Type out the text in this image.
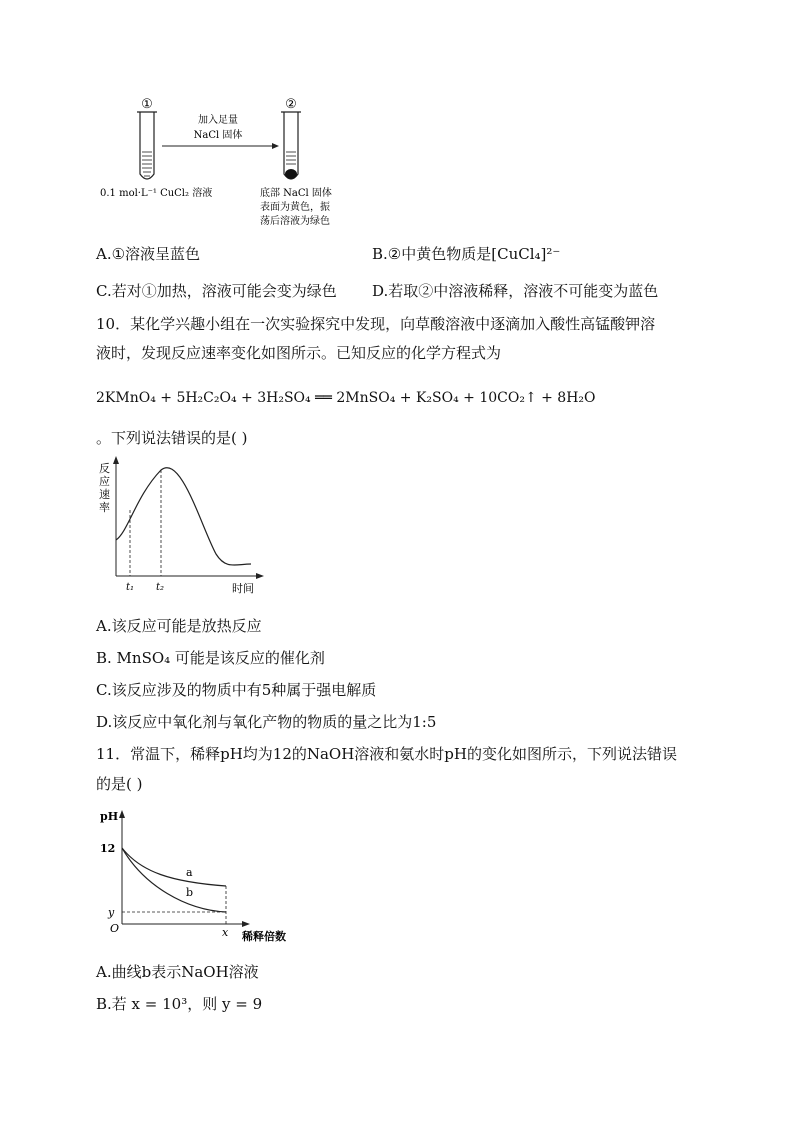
①	②
加入足量
NaCl 固体
0.1 mol·L⁻¹ CuCl₂ 溶液	底部 NaCl 固体
表面为黄色，振
荡后溶液为绿色
A.①溶液呈蓝色	B.②中黄色物质是[CuCl₄]²⁻
C.若对①加热，溶液可能会变为绿色 D.若取②中溶液稀释，溶液不可能变为蓝色
10．某化学兴趣小组在一次实验探究中发现，向草酸溶液中逐滴加入酸性高锰酸钾溶
液时，发现反应速率变化如图所示。已知反应的化学方程式为
2KMnO₄ + 5H₂C₂O₄ + 3H₂SO₄ ══ 2MnSO₄ + K₂SO₄ + 10CO₂↑ + 8H₂O
。下列说法错误的是( )
反
应
速
率
t₁ t₂	时间
A.该反应可能是放热反应
B. MnSO₄ 可能是该反应的催化剂
C.该反应涉及的物质中有5种属于强电解质
D.该反应中氧化剂与氧化产物的物质的量之比为1:5
11．常温下，稀释pH均为12的NaOH溶液和氨水时pH的变化如图所示，下列说法错误
的是( )
pH
12
y
O
a
b
x 稀释倍数
A.曲线b表示NaOH溶液
B.若 x = 10³，则 y = 9
